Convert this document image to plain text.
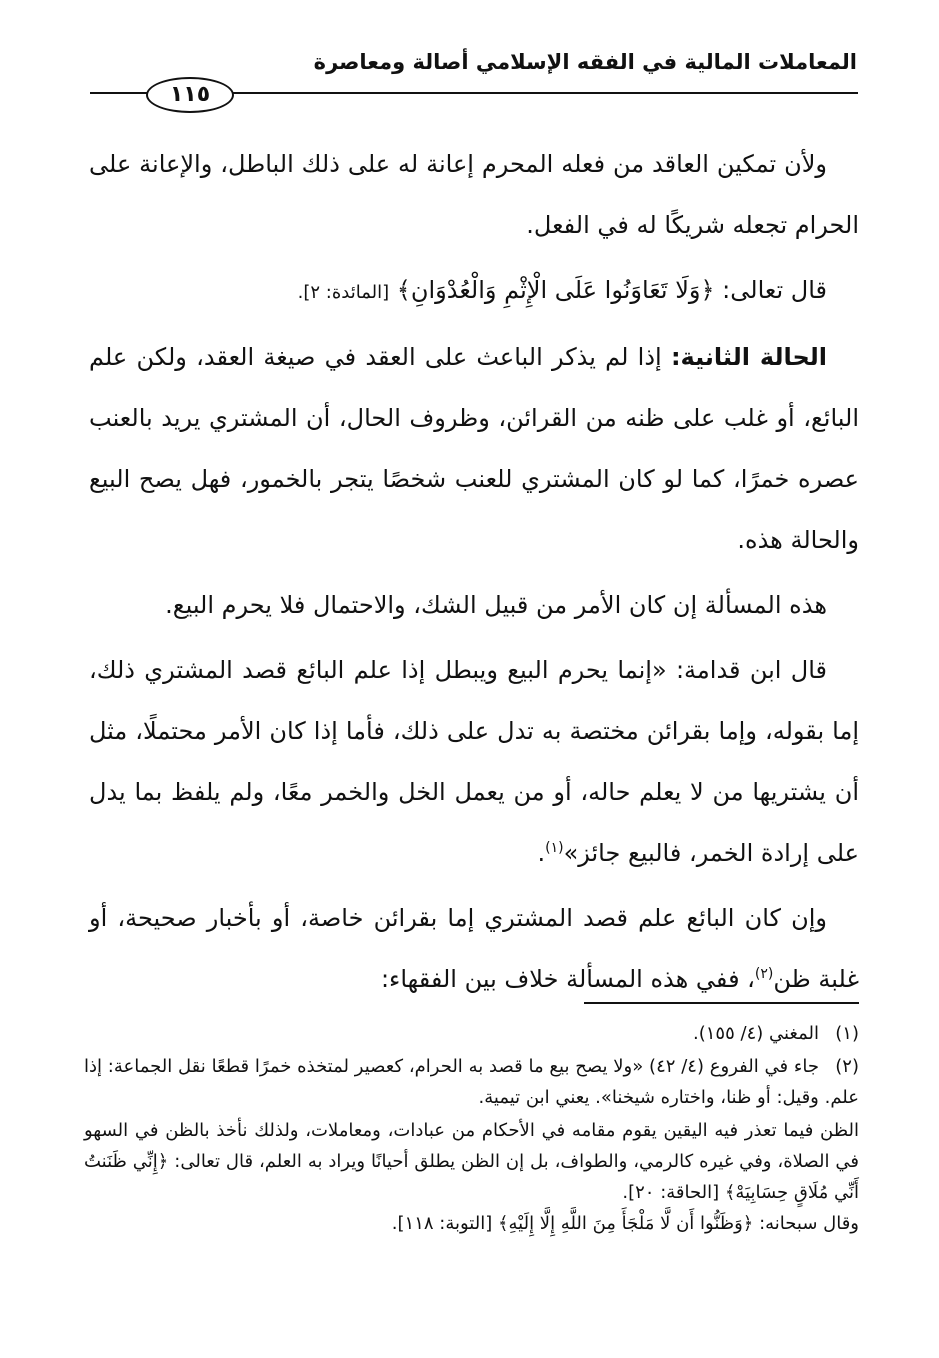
المعاملات المالية في الفقه الإسلامي أصالة ومعاصرة
١١٥

ولأن تمكين العاقد من فعله المحرم إعانة له على ذلك الباطل، والإعانة على الحرام تجعله شريكًا له في الفعل.

قال تعالى: ﴿وَلَا تَعَاوَنُوا عَلَى الْإِثْمِ وَالْعُدْوَانِ﴾ [المائدة: ٢].

الحالة الثانية: إذا لم يذكر الباعث على العقد في صيغة العقد، ولكن علم البائع، أو غلب على ظنه من القرائن، وظروف الحال، أن المشتري يريد بالعنب عصره خمرًا، كما لو كان المشتري للعنب شخصًا يتجر بالخمور، فهل يصح البيع والحالة هذه.

هذه المسألة إن كان الأمر من قبيل الشك، والاحتمال فلا يحرم البيع.

قال ابن قدامة: «إنما يحرم البيع ويبطل إذا علم البائع قصد المشتري ذلك، إما بقوله، وإما بقرائن مختصة به تدل على ذلك، فأما إذا كان الأمر محتملًا، مثل أن يشتريها من لا يعلم حاله، أو من يعمل الخل والخمر معًا، ولم يلفظ بما يدل على إرادة الخمر، فالبيع جائز»$^{(١)}$.

وإن كان البائع علم قصد المشتري إما بقرائن خاصة، أو بأخبار صحيحة، أو غلبة ظن$^{(٢)}$، ففي هذه المسألة خلاف بين الفقهاء:

(١)المغني (٤/ ١٥٥).
(٢)جاء في الفروع (٤/ ٤٢) «ولا يصح بيع ما قصد به الحرام، كعصير لمتخذه خمرًا قطعًا نقل الجماعة: إذا علم. وقيل: أو ظنا، واختاره شيخنا». يعني ابن تيمية.
الظن فيما تعذر فيه اليقين يقوم مقامه في الأحكام من عبادات، ومعاملات، ولذلك نأخذ بالظن في السهو في الصلاة، وفي غيره كالرمي، والطواف، بل إن الظن يطلق أحيانًا ويراد به العلم، قال تعالى: ﴿إِنِّي ظَنَنتُ أَنِّي مُلَاقٍ حِسَابِيَهْ﴾ [الحاقة: ٢٠].
وقال سبحانه: ﴿وَظَنُّوا أَن لَّا مَلْجَأَ مِنَ اللَّهِ إِلَّا إِلَيْهِ﴾ [التوبة: ١١٨].
